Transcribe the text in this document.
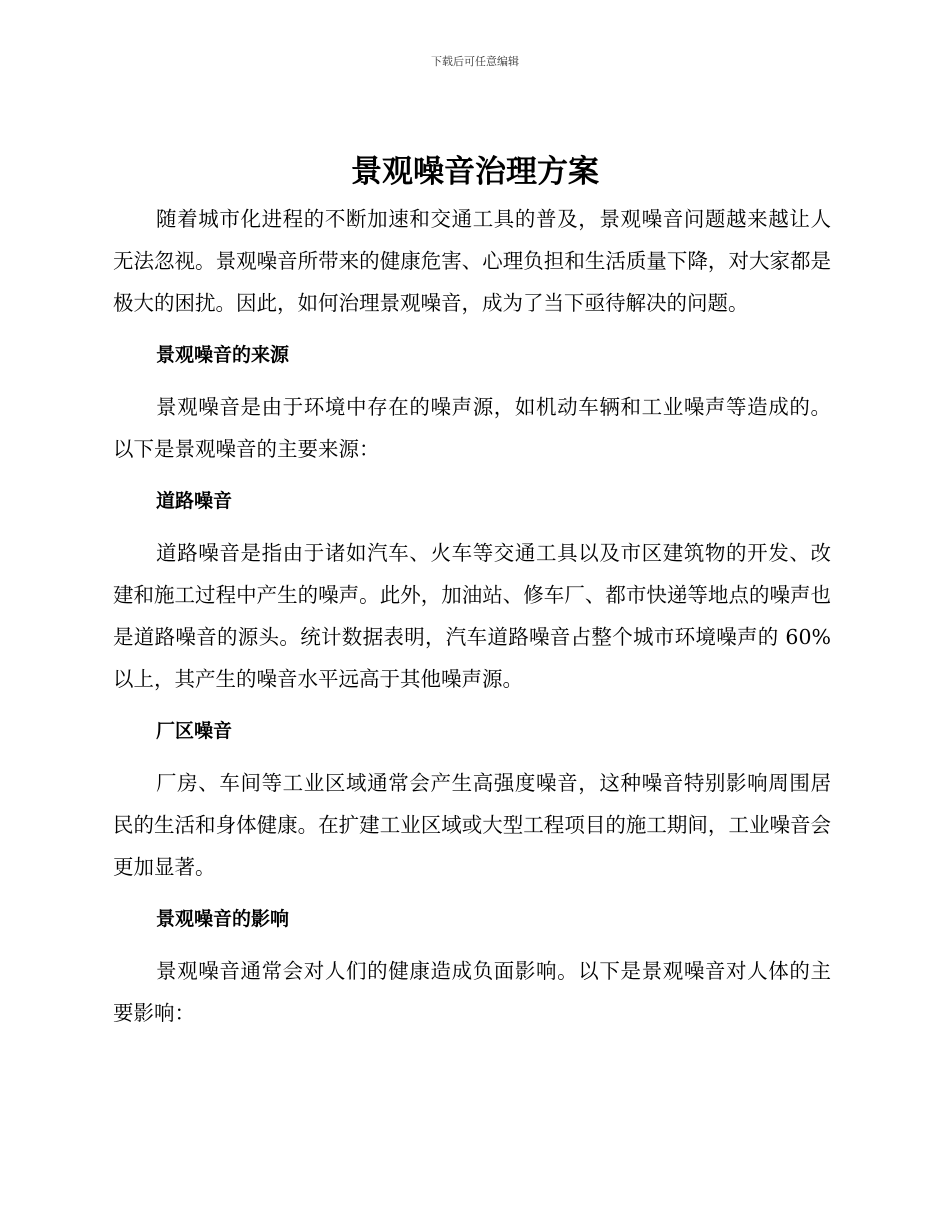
下载后可任意编辑
景观噪音治理方案

随着城市化进程的不断加速和交通工具的普及，景观噪音问题越来越让人无法忽视。景观噪音所带来的健康危害、心理负担和生活质量下降，对大家都是极大的困扰。因此，如何治理景观噪音，成为了当下亟待解决的问题。

景观噪音的来源

景观噪音是由于环境中存在的噪声源，如机动车辆和工业噪声等造成的。以下是景观噪音的主要来源：

道路噪音

道路噪音是指由于诸如汽车、火车等交通工具以及市区建筑物的开发、改建和施工过程中产生的噪声。此外，加油站、修车厂、都市快递等地点的噪声也是道路噪音的源头。统计数据表明，汽车道路噪音占整个城市环境噪声的 60%以上，其产生的噪音水平远高于其他噪声源。

厂区噪音

厂房、车间等工业区域通常会产生高强度噪音，这种噪音特别影响周围居民的生活和身体健康。在扩建工业区域或大型工程项目的施工期间，工业噪音会更加显著。

景观噪音的影响

景观噪音通常会对人们的健康造成负面影响。以下是景观噪音对人体的主要影响：
